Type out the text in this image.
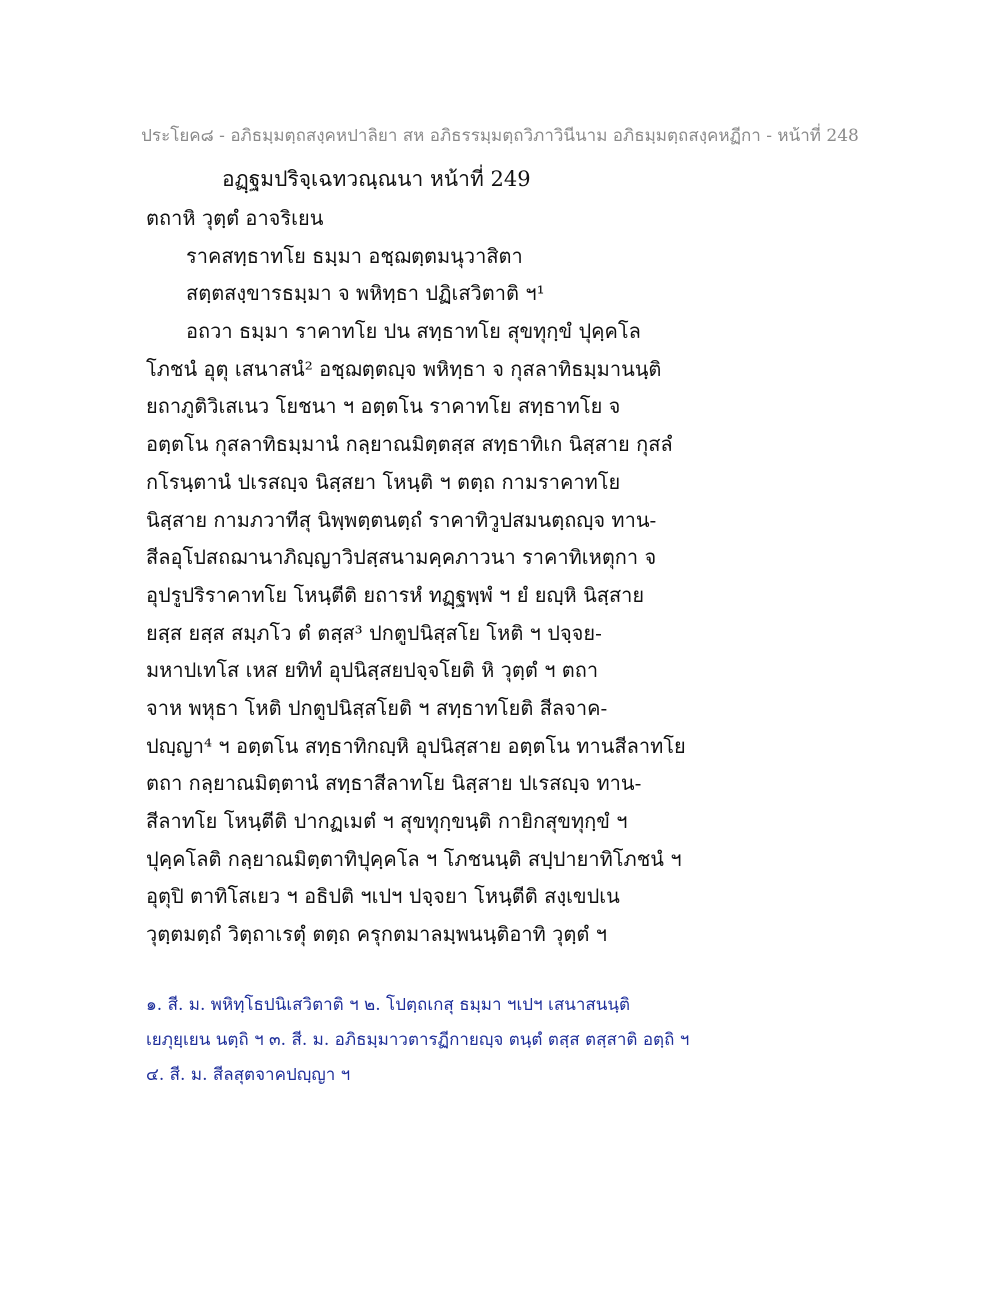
ประโยค๘ - อภิธมฺมตฺถสงฺคหปาลิยา สห อภิธรรมฺมตฺถวิภาวินีนาม อภิธมฺมตฺถสงฺคหฏีกา - หน้าที่ 248
อฏฺฐมปริจฺเฉทวณฺณนา หน้าที่ 249
ตถาหิ วุตฺตํ อาจริเยน
ราคสทฺธาทโย ธมฺมา อชฺฌตฺตมนุวาสิตา
สตฺตสงฺขารธมฺมา จ พหิทฺธา ปฏิเสวิตาติ ฯ¹
อถวา ธมฺมา ราคาทโย ปน สทฺธาทโย สุขทุกฺขํ ปุคฺคโล
โภชนํ อุตุ เสนาสนํ² อชฺฌตฺตญฺจ พหิทฺธา จ กุสลาทิธมฺมานนฺติ
ยถาภูติวิเสเนว โยชนา ฯ อตฺตโน ราคาทโย สทฺธาทโย จ
อตฺตโน กุสลาทิธมฺมานํ กลฺยาณมิตฺตสฺส สทฺธาทิเก นิสฺสาย กุสลํ
กโรนฺตานํ ปเรสญฺจ นิสฺสยา โหนฺติ ฯ ตตฺถ กามราคาทโย
นิสฺสาย กามภวาทีสุ นิพฺพตฺตนตฺถํ ราคาทิวูปสมนตฺถญฺจ ทาน-
สีลอุโปสถฌานาภิญฺญาวิปสฺสนามคฺคภาวนา ราคาทิเหตุกา จ
อุปรูปริราคาทโย โหนฺตีติ ยถารหํ ทฏฺฐพฺพํ ฯ ยํ ยญฺหิ นิสฺสาย
ยสฺส ยสฺส สมฺภโว ตํ ตสฺส³ ปกตูปนิสฺสโย โหติ ฯ ปจฺจย-
มหาปเทโส เหส ยทิทํ อุปนิสฺสยปจฺจโยติ หิ วุตฺตํ ฯ ตถา
จาห พหุธา โหติ ปกตูปนิสฺสโยติ ฯ สทฺธาทโยติ สีลจาค-
ปญฺญา⁴ ฯ อตฺตโน สทฺธาทิกญฺหิ อุปนิสฺสาย อตฺตโน ทานสีลาทโย
ตถา กลฺยาณมิตฺตานํ สทฺธาสีลาทโย นิสฺสาย ปเรสญฺจ ทาน-
สีลาทโย โหนฺตีติ ปากฏเมตํ ฯ สุขทุกฺขนฺติ กายิกสุขทุกฺขํ ฯ
ปุคฺคโลติ กลฺยาณมิตฺตาทิปุคฺคโล ฯ โภชนนฺติ สปฺปายาทิโภชนํ ฯ
อุตุปิ ตาทิโสเยว ฯ อธิปติ ฯเปฯ ปจฺจยา โหนฺตีติ สงฺเขปเน
วุตฺตมตฺถํ วิตฺถาเรตุํ ตตฺถ ครุกตมาลมฺพนนฺติอาทิ วุตฺตํ ฯ
๑. สี. ม. พหิทฺโธปนิเสวิตาติ ฯ ๒. โปตฺถเกสุ ธมฺมา ฯเปฯ เสนาสนนฺติ
เยภุยฺเยน นตฺถิ ฯ ๓. สี. ม. อภิธมฺมาวตารฏีกายญฺจ ตนฺตํ ตสฺส ตสฺสาติ อตฺถิ ฯ
๔. สี. ม. สีลสุตจาคปญฺญา ฯ
